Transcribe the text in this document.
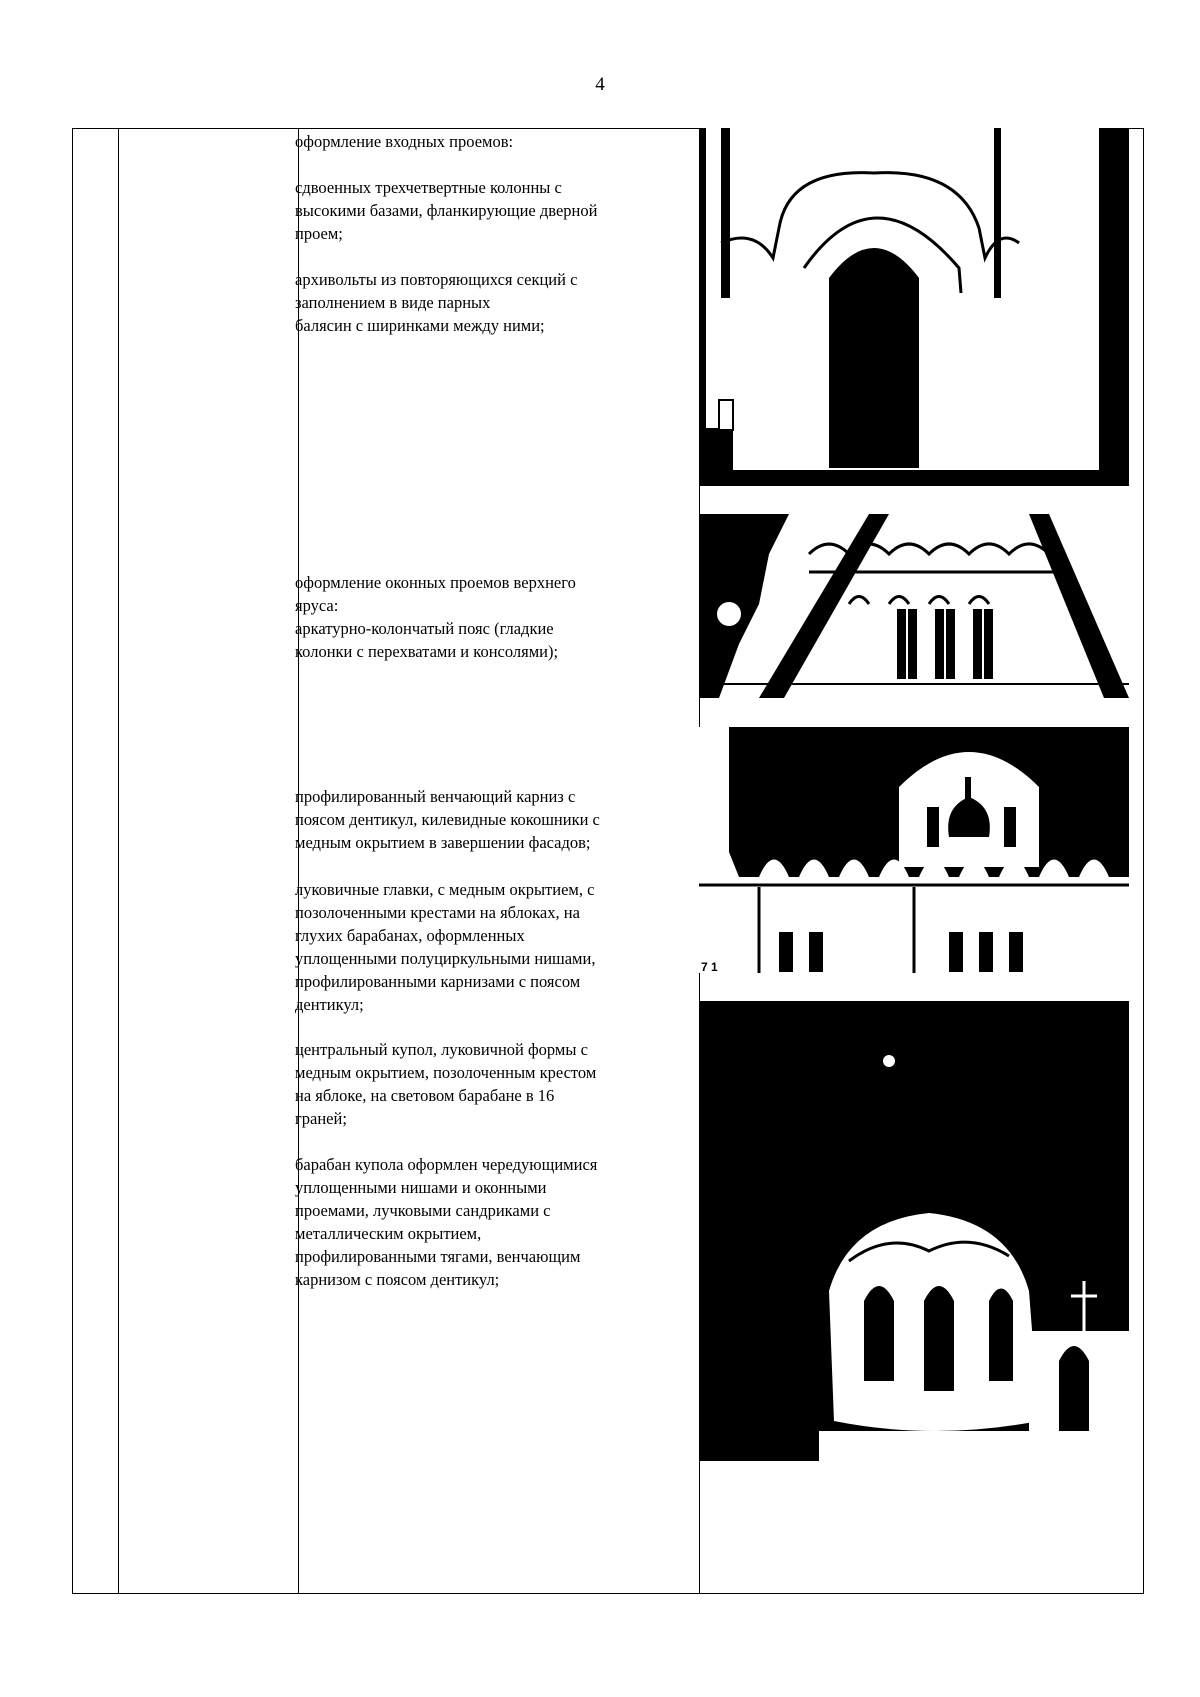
4

оформление входных проемов:

сдвоенных трехчетвертные колонны с

высокими базами, фланкирующие дверной

проем;

архивольты из повторяющихся секций с

заполнением в виде парных

балясин с ширинками между ними;

оформление оконных проемов верхнего

яруса:

аркатурно-колончатый пояс (гладкие

колонки с перехватами и консолями);

профилированный венчающий карниз с

поясом дентикул, килевидные кокошники с

медным окрытием в завершении фасадов;

луковичные главки, с медным окрытием, с

позолоченными крестами на яблоках, на

глухих барабанах, оформленных

уплощенными полуциркульными нишами,

профилированными карнизами с поясом

дентикул;

центральный купол, луковичной формы с

медным окрытием, позолоченным крестом

на яблоке, на световом барабане в 16

граней;

барабан купола оформлен чередующимися

уплощенными нишами и оконными

проемами, лучковыми сандриками с

металлическим окрытием,

профилированными тягами, венчающим

карнизом с поясом дентикул;

7 1
